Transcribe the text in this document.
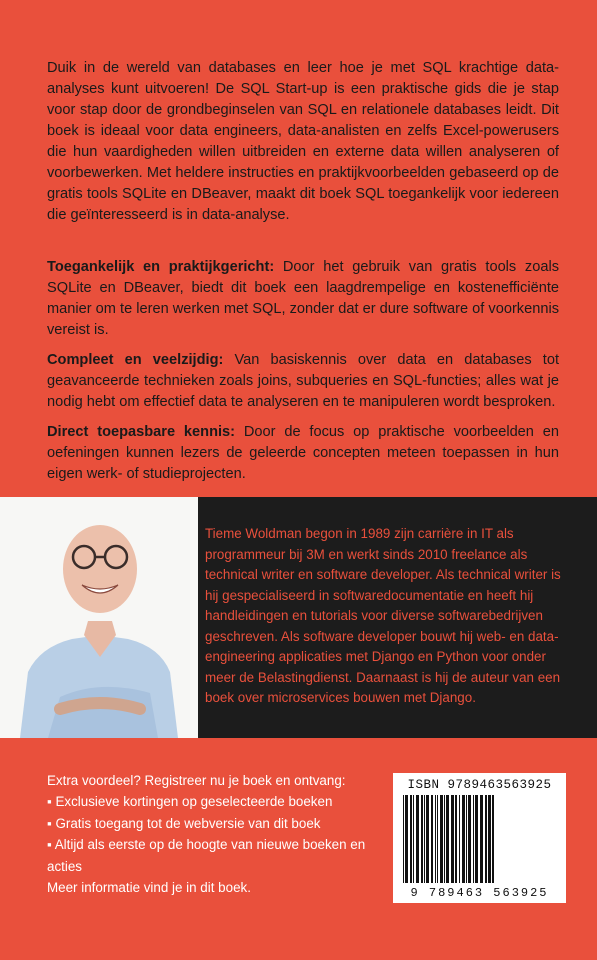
Duik in de wereld van databases en leer hoe je met SQL krachtige data-analyses kunt uitvoeren! De SQL Start-up is een praktische gids die je stap voor stap door de grondbeginselen van SQL en relationele databases leidt. Dit boek is ideaal voor data engineers, data-analisten en zelfs Excel-powerusers die hun vaardigheden willen uitbreiden en externe data willen analyseren of voorbewerken. Met heldere instructies en praktijkvoorbeelden gebaseerd op de gratis tools SQLite en DBeaver, maakt dit boek SQL toegankelijk voor iedereen die geïnteresseerd is in data-analyse.
Toegankelijk en praktijkgericht: Door het gebruik van gratis tools zoals SQLite en DBeaver, biedt dit boek een laagdrempelige en kostenefficiënte manier om te leren werken met SQL, zonder dat er dure software of voorkennis vereist is.
Compleet en veelzijdig: Van basiskennis over data en databases tot geavanceerde technieken zoals joins, subqueries en SQL-functies; alles wat je nodig hebt om effectief data te analyseren en te manipuleren wordt besproken.
Direct toepasbare kennis: Door de focus op praktische voorbeelden en oefeningen kunnen lezers de geleerde concepten meteen toepassen in hun eigen werk- of studieprojecten.
Tieme Woldman begon in 1989 zijn carrière in IT als programmeur bij 3M en werkt sinds 2010 freelance als technical writer en software developer. Als technical writer is hij gespecialiseerd in softwaredocumentatie en heeft hij handleidingen en tutorials voor diverse softwarebedrijven geschreven. Als software developer bouwt hij web- en data-engineering applicaties met Django en Python voor onder meer de Belastingdienst. Daarnaast is hij de auteur van een boek over microservices bouwen met Django.
Extra voordeel? Registreer nu je boek en ontvang:
▪ Exclusieve kortingen op geselecteerde boeken
▪ Gratis toegang tot de webversie van dit boek
▪ Altijd als eerste op de hoogte van nieuwe boeken en acties
Meer informatie vind je in dit boek.
ISBN 9789463563925
9 789463 563925
